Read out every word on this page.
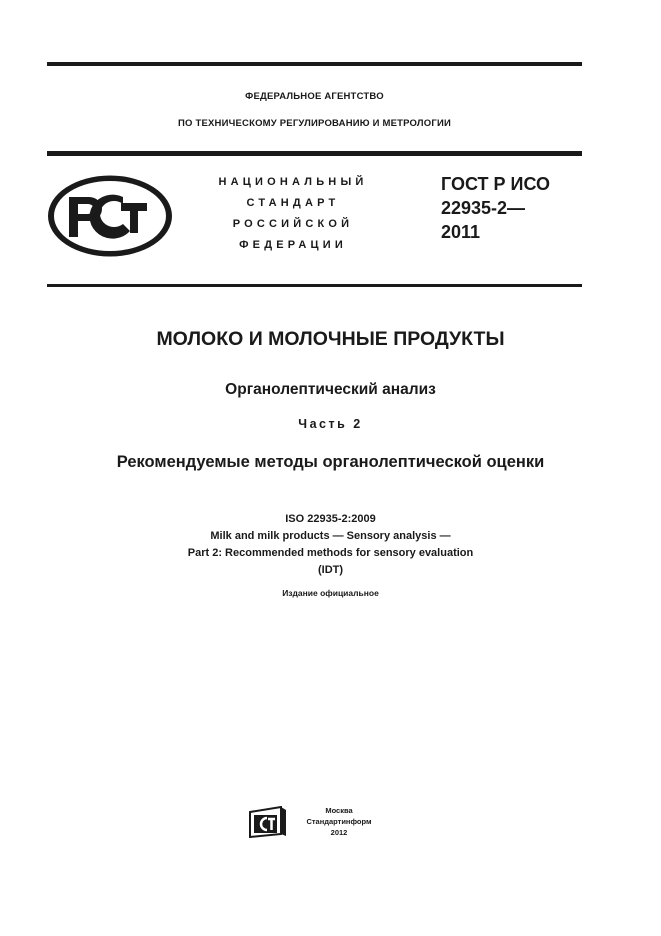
ФЕДЕРАЛЬНОЕ АГЕНТСТВО
ПО ТЕХНИЧЕСКОМУ РЕГУЛИРОВАНИЮ И МЕТРОЛОГИИ
НАЦИОНАЛЬНЫЙ
СТАНДАРТ
РОССИЙСКОЙ
ФЕДЕРАЦИИ
ГОСТ Р ИСО
22935-2—
2011
МОЛОКО И МОЛОЧНЫЕ ПРОДУКТЫ
Органолептический анализ
Часть 2
Рекомендуемые методы органолептической оценки
ISO 22935-2:2009
Milk and milk products — Sensory analysis —
Part 2: Recommended methods for sensory evaluation
(IDT)
Издание официальное
Москва
Стандартинформ
2012
